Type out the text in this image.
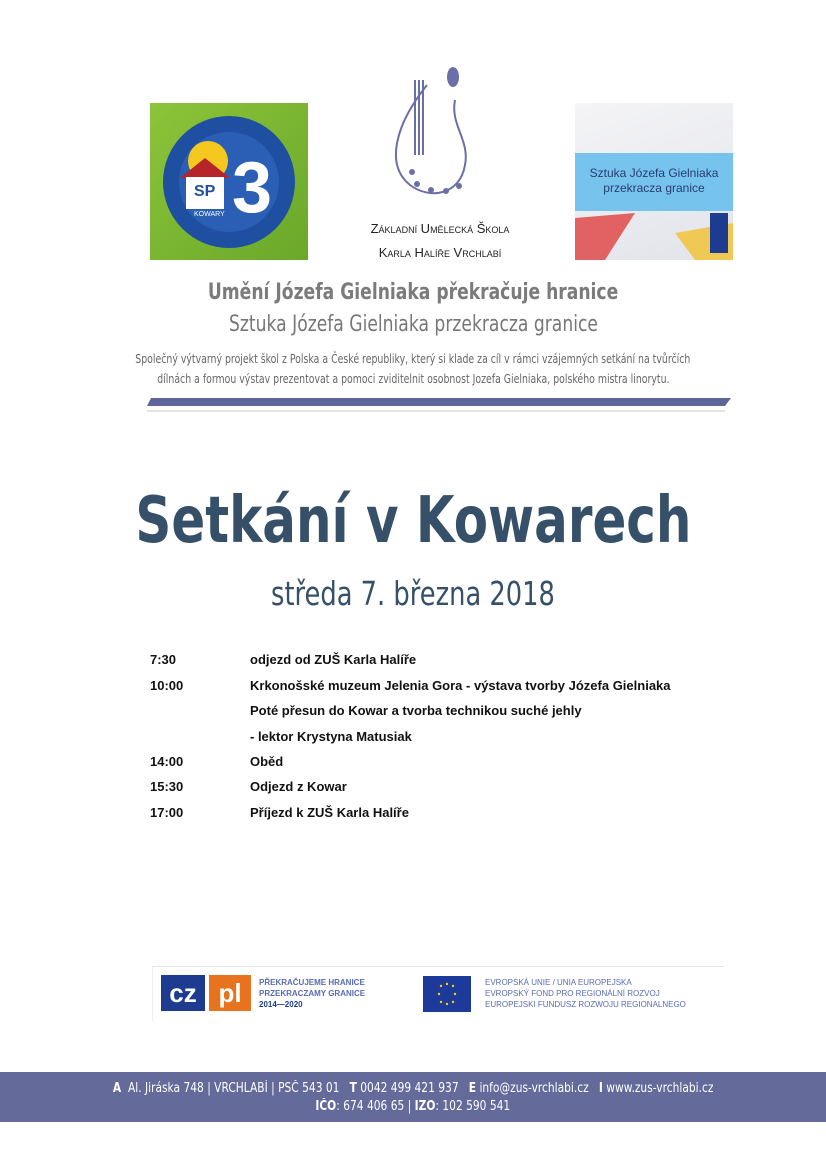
SP 3
KOWARY
Základní Umělecká Škola
Karla Halíře Vrchlabí
Sztuka Józefa Gielniaka
przekracza granice
Umění Józefa Gielniaka překračuje hranice
Sztuka Józefa Gielniaka przekracza granice
Společný výtvarný projekt škol z Polska a České republiky, který si klade za cíl v rámci vzájemných setkání na tvůrčích
dílnách a formou výstav prezentovat a pomoci zviditelnit osobnost Jozefa Gielniaka, polského mistra linorytu.
Setkání v Kowarech
středa 7. března 2018
7:30	odjezd od ZUŠ Karla Halíře
10:00	Krkonošské muzeum Jelenia Gora - výstava tvorby Józefa Gielniaka
Poté přesun do Kowar a tvorba technikou suché jehly
- lektor Krystyna Matusiak
14:00	Oběd
15:30	Odjezd z Kowar
17:00	Příjezd k ZUŠ Karla Halíře
cz pl	PŘEKRAČUJEME HRANICE
PRZEKRACZAMY GRANICE
2014—2020
EVROPSKÁ UNIE / UNIA EUROPEJSKA
EVROPSKÝ FOND PRO REGIONÁLNÍ ROZVOJ
EUROPEJSKI FUNDUSZ ROZWOJU REGIONALNEGO
A Al. Jiráska 748 | VRCHLABÍ | PSČ 543 01 T 0042 499 421 937 E info@zus-vrchlabi.cz I www.zus-vrchlabi.cz
IČO: 674 406 65 | IZO: 102 590 541
